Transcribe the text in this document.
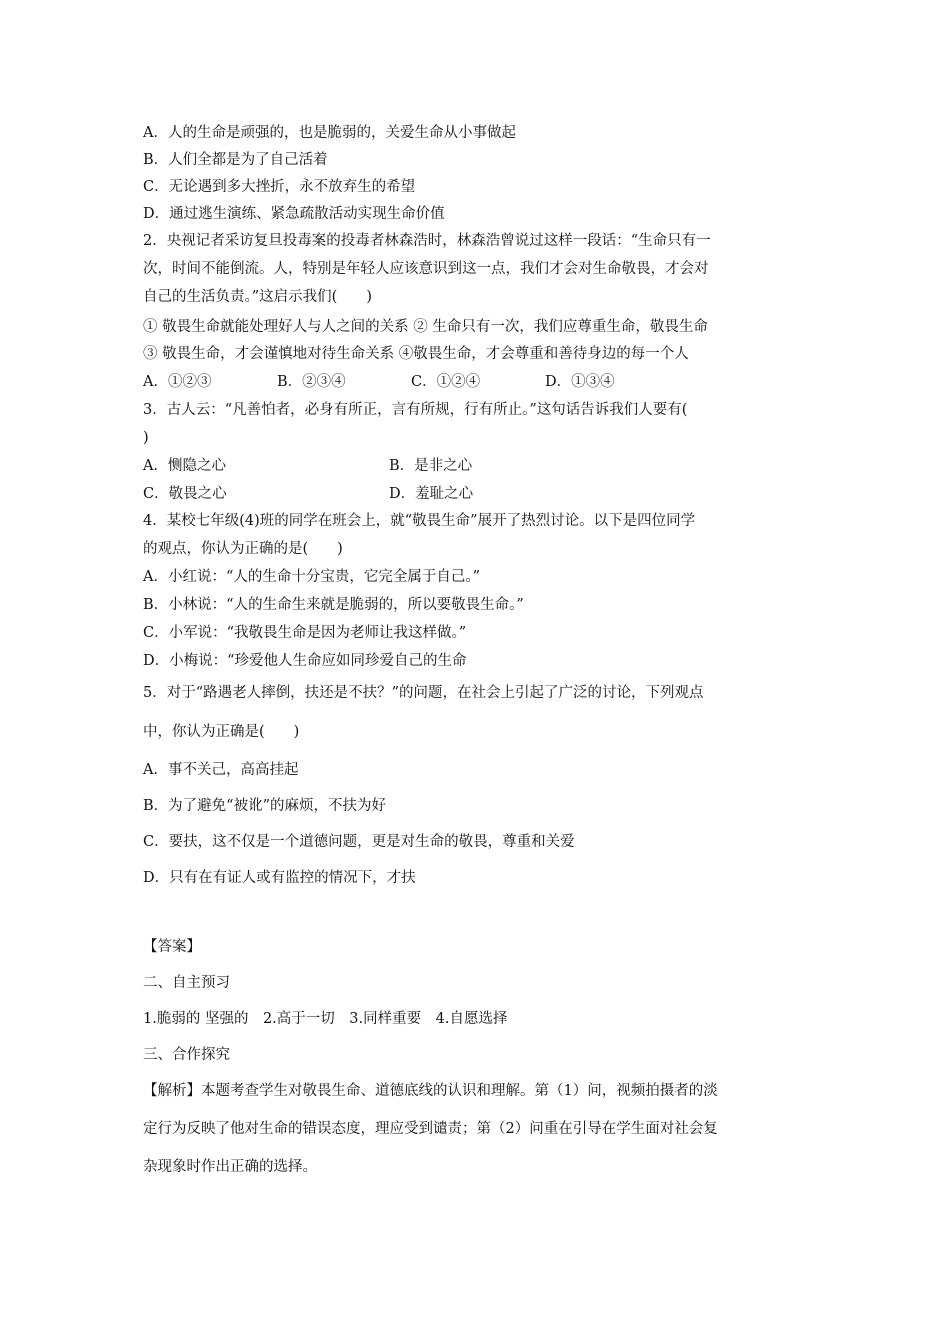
A．人的生命是顽强的，也是脆弱的，关爱生命从小事做起
B．人们全都是为了自己活着
C．无论遇到多大挫折，永不放弃生的希望
D．通过逃生演练、紧急疏散活动实现生命价值
2．央视记者采访复旦投毒案的投毒者林森浩时，林森浩曾说过这样一段话：“生命只有一
次，时间不能倒流。人，特别是年轻人应该意识到这一点，我们才会对生命敬畏，才会对
自己的生活负责。”这启示我们(　　)
① 敬畏生命就能处理好人与人之间的关系 ② 生命只有一次，我们应尊重生命，敬畏生命
③ 敬畏生命，才会谨慎地对待生命关系 ④敬畏生命，才会尊重和善待身边的每一个人
A．①②③	B．②③④	C．①②④	D．①③④
3．古人云：“凡善怕者，必身有所正，言有所规，行有所止。”这句话告诉我们人要有(
)
A．恻隐之心	B．是非之心
C．敬畏之心	D．羞耻之心
4．某校七年级(4)班的同学在班会上，就“敬畏生命”展开了热烈讨论。以下是四位同学
的观点，你认为正确的是(　　)
A．小红说：“人的生命十分宝贵，它完全属于自己。”
B．小林说：“人的生命生来就是脆弱的，所以要敬畏生命。”
C．小军说：“我敬畏生命是因为老师让我这样做。”
D．小梅说：“珍爱他人生命应如同珍爱自己的生命
5．对于“路遇老人摔倒，扶还是不扶？”的问题，在社会上引起了广泛的讨论，下列观点
中，你认为正确是(　　)
A．事不关己，高高挂起
B．为了避免“被讹”的麻烦，不扶为好
C．要扶，这不仅是一个道德问题，更是对生命的敬畏，尊重和关爱
D．只有在有证人或有监控的情况下，才扶
【答案】
二、自主预习
1.脆弱的 坚强的　2.高于一切　3.同样重要　4.自愿选择
三、合作探究
【解析】本题考查学生对敬畏生命、道德底线的认识和理解。第（1）问，视频拍摄者的淡
定行为反映了他对生命的错误态度，理应受到谴责；第（2）问重在引导在学生面对社会复
杂现象时作出正确的选择。
